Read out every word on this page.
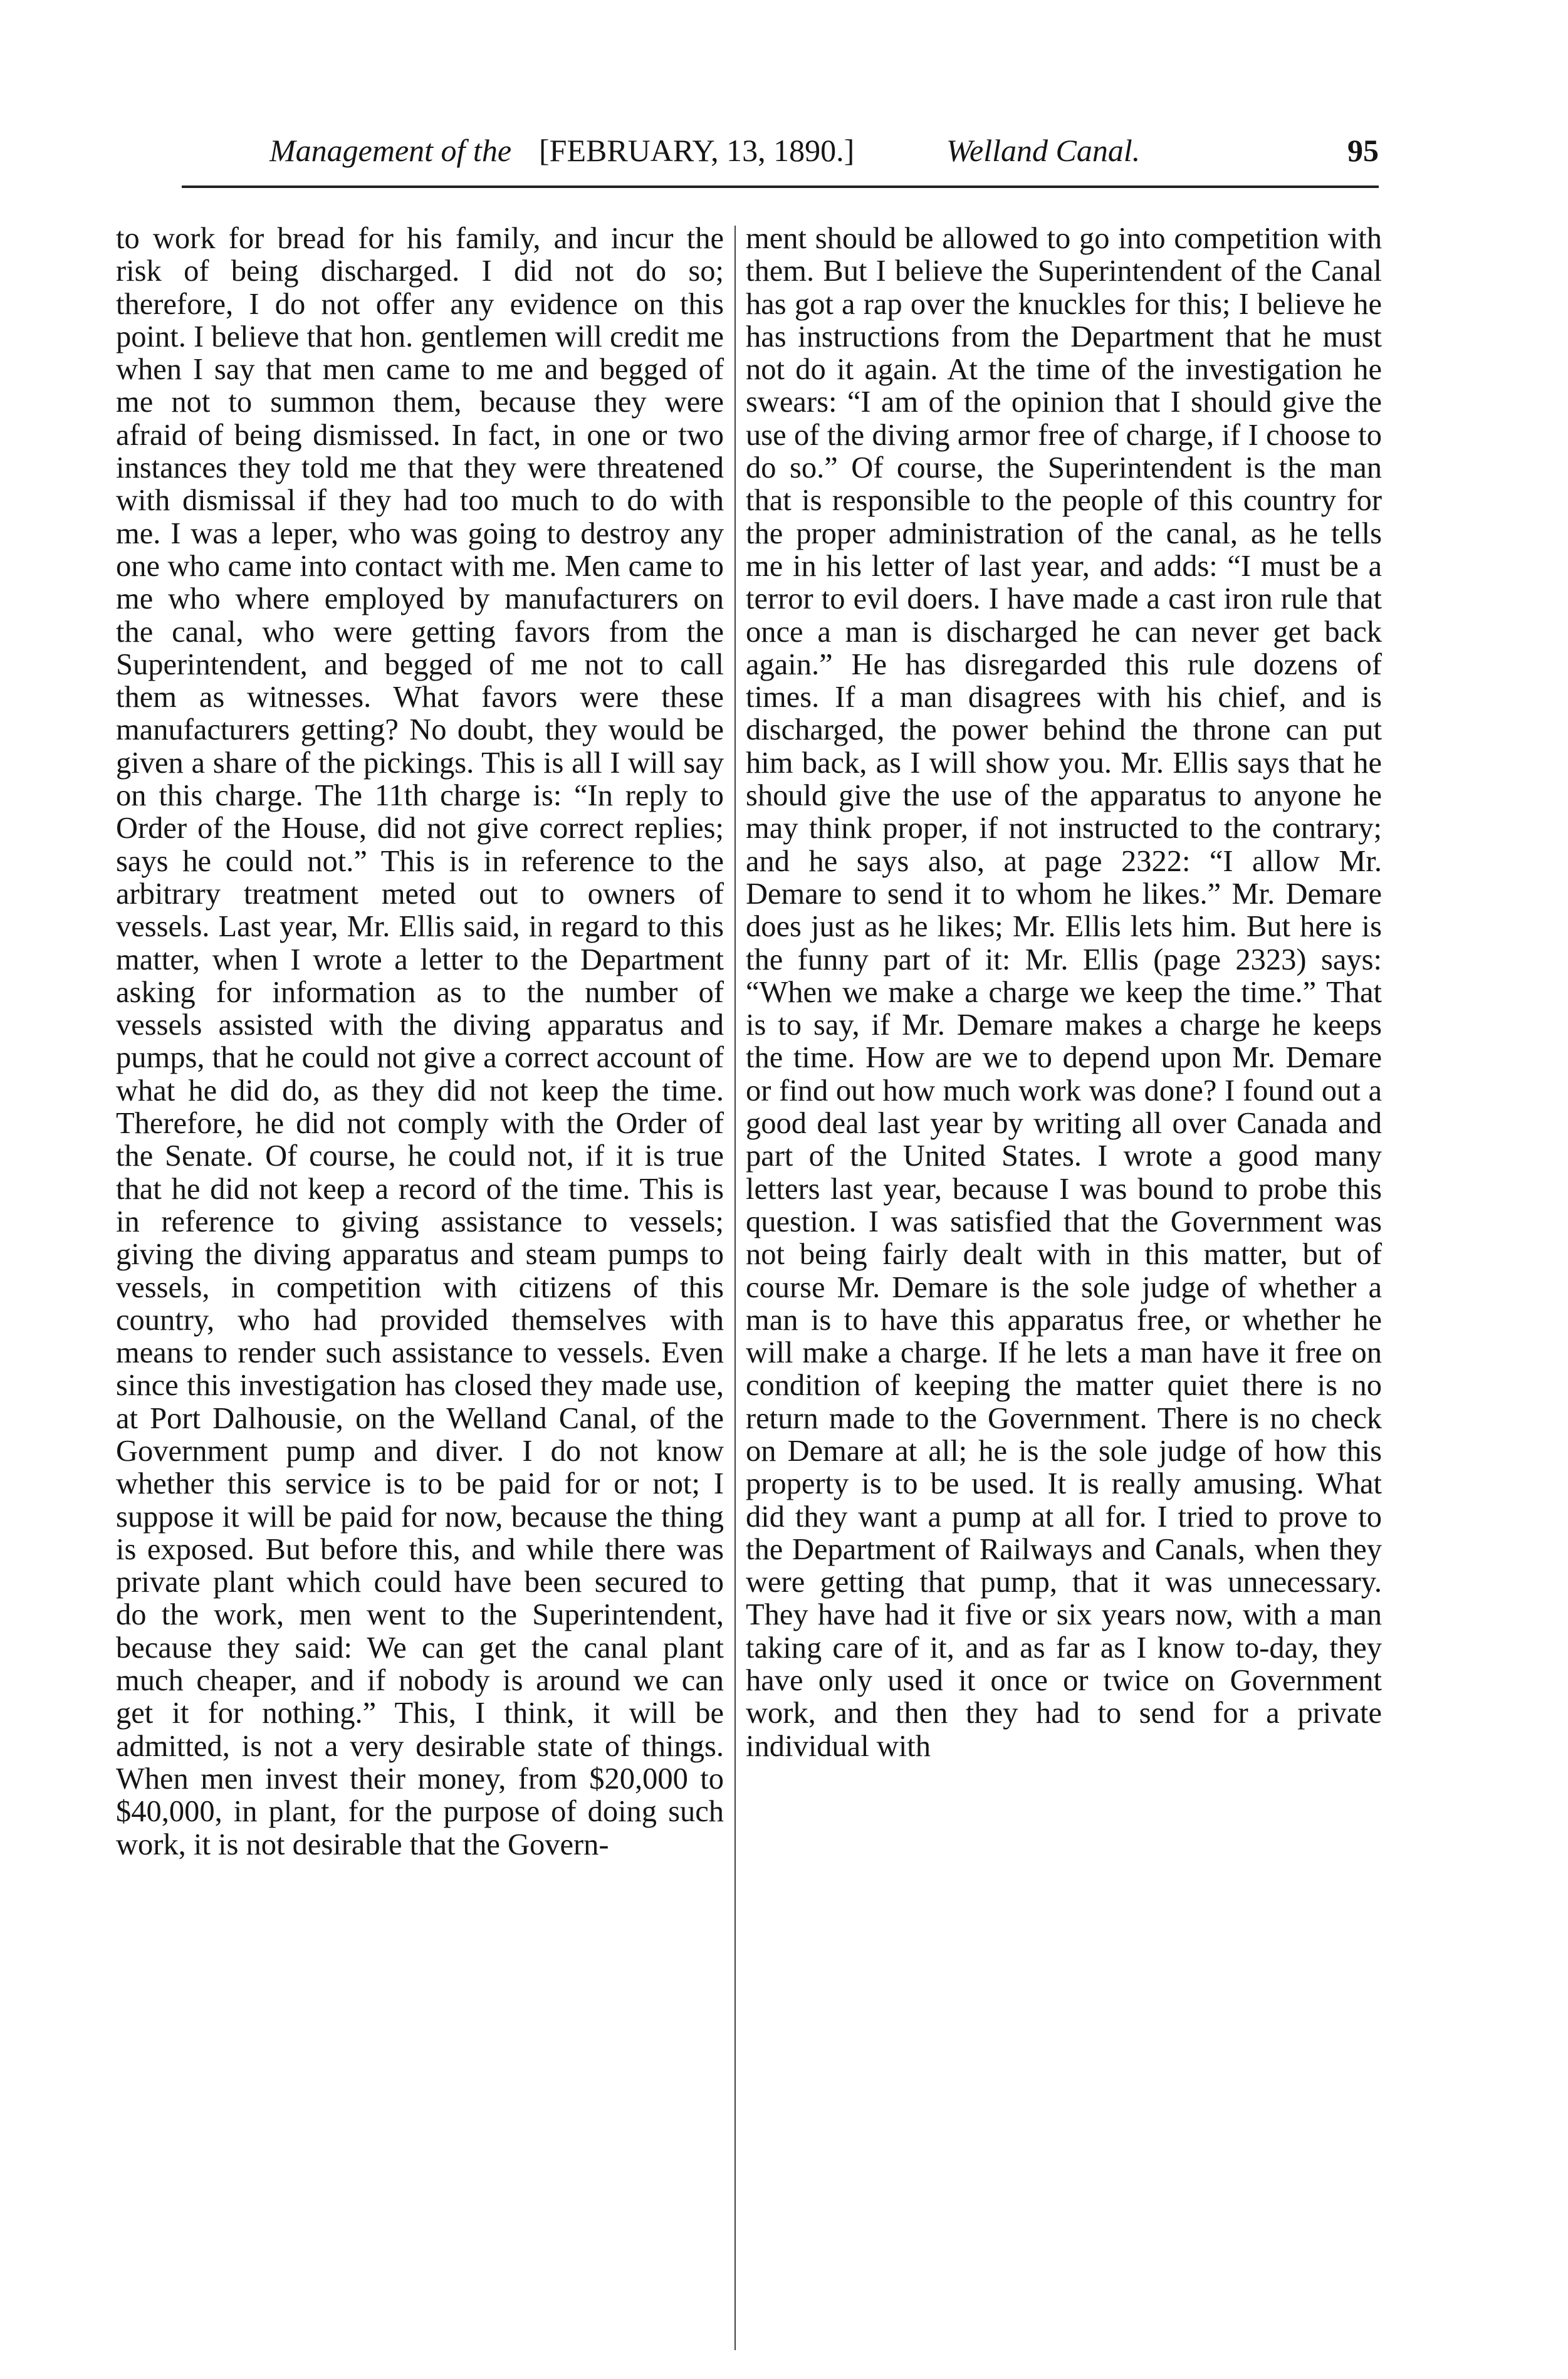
Management of the [FEBRUARY, 13, 1890.]	Welland Canal.	95

to work for bread for his family, and incur the risk of being discharged. I did not do so; therefore, I do not offer any evidence on this point. I believe that hon. gentlemen will credit me when I say that men came to me and begged of me not to summon them, because they were afraid of being dismissed. In fact, in one or two instances they told me that they were threatened with dismissal if they had too much to do with me. I was a leper, who was going to destroy any one who came into contact with me. Men came to me who where employed by manufacturers on the canal, who were getting favors from the Superintendent, and begged of me not to call them as witnesses. What favors were these manufacturers getting? No doubt, they would be given a share of the pickings. This is all I will say on this charge. The 11th charge is: “In reply to Order of the House, did not give correct replies; says he could not.” This is in reference to the arbitrary treatment meted out to owners of vessels. Last year, Mr. Ellis said, in regard to this matter, when I wrote a letter to the Department asking for information as to the number of vessels assisted with the diving apparatus and pumps, that he could not give a correct account of what he did do, as they did not keep the time. Therefore, he did not comply with the Order of the Senate. Of course, he could not, if it is true that he did not keep a record of the time. This is in reference to giving assistance to vessels; giving the diving apparatus and steam pumps to vessels, in competition with citizens of this country, who had provided themselves with means to render such assistance to vessels. Even since this investigation has closed they made use, at Port Dalhousie, on the Welland Canal, of the Government pump and diver. I do not know whether this service is to be paid for or not; I suppose it will be paid for now, because the thing is exposed. But before this, and while there was private plant which could have been secured to do the work, men went to the Superintendent, because they said: We can get the canal plant much cheaper, and if nobody is around we can get it for nothing.” This, I think, it will be admitted, is not a very desirable state of things. When men invest their money, from $20,000 to $40,000, in plant, for the purpose of doing such work, it is not desirable that the Govern-

ment should be allowed to go into competition with them. But I believe the Superintendent of the Canal has got a rap over the knuckles for this; I believe he has instructions from the Department that he must not do it again. At the time of the investigation he swears: “I am of the opinion that I should give the use of the diving armor free of charge, if I choose to do so.” Of course, the Superintendent is the man that is responsible to the people of this country for the proper administration of the canal, as he tells me in his letter of last year, and adds: “I must be a terror to evil doers. I have made a cast iron rule that once a man is discharged he can never get back again.” He has disregarded this rule dozens of times. If a man disagrees with his chief, and is discharged, the power behind the throne can put him back, as I will show you. Mr. Ellis says that he should give the use of the apparatus to anyone he may think proper, if not instructed to the contrary; and he says also, at page 2322: “I allow Mr. Demare to send it to whom he likes.” Mr. Demare does just as he likes; Mr. Ellis lets him. But here is the funny part of it: Mr. Ellis (page 2323) says: “When we make a charge we keep the time.” That is to say, if Mr. Demare makes a charge he keeps the time. How are we to depend upon Mr. Demare or find out how much work was done? I found out a good deal last year by writing all over Canada and part of the United States. I wrote a good many letters last year, because I was bound to probe this question. I was satisfied that the Government was not being fairly dealt with in this matter, but of course Mr. Demare is the sole judge of whether a man is to have this apparatus free, or whether he will make a charge. If he lets a man have it free on condition of keeping the matter quiet there is no return made to the Government. There is no check on Demare at all; he is the sole judge of how this property is to be used. It is really amusing. What did they want a pump at all for. I tried to prove to the Department of Railways and Canals, when they were getting that pump, that it was unnecessary. They have had it five or six years now, with a man taking care of it, and as far as I know to-day, they have only used it once or twice on Government work, and then they had to send for a private individual with
